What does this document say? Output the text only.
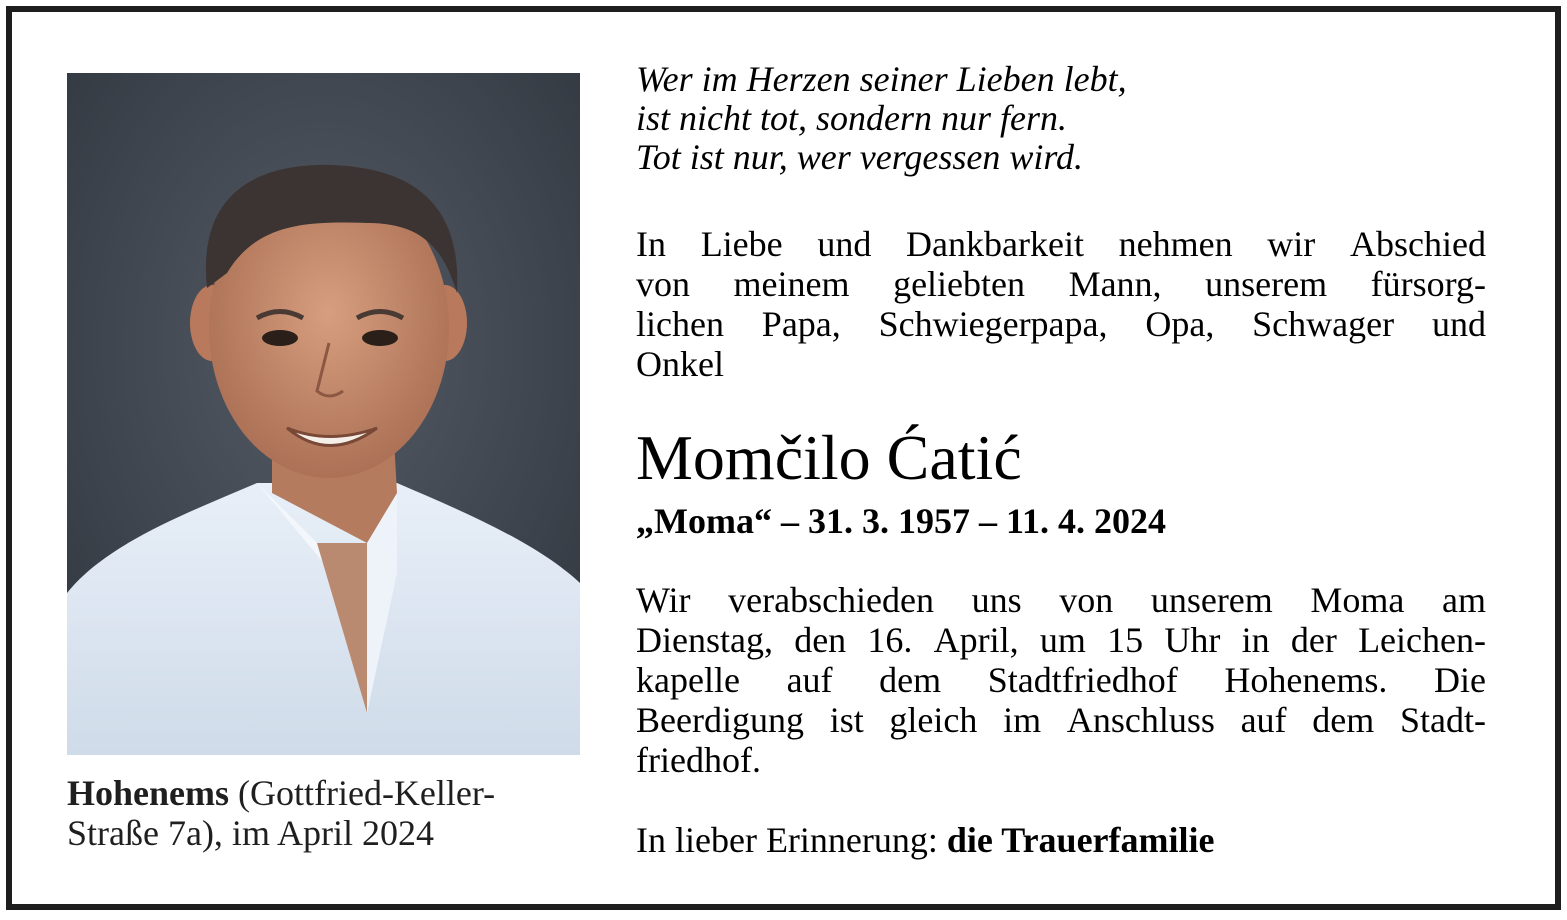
Hohenems (Gottfried-Keller-
Straße 7a), im April 2024
Wer im Herzen seiner Lieben lebt,
ist nicht tot, sondern nur fern.
Tot ist nur, wer vergessen wird.
In Liebe und Dankbarkeit nehmen wir Abschied
von meinem geliebten Mann, unserem fürsorg-
lichen Papa, Schwiegerpapa, Opa, Schwager und
Onkel
Momčilo Ćatić
„Moma“ – 31. 3. 1957 – 11. 4. 2024
Wir verabschieden uns von unserem Moma am
Dienstag, den 16. April, um 15 Uhr in der Leichen-
kapelle auf dem Stadtfriedhof Hohenems. Die
Beerdigung ist gleich im Anschluss auf dem Stadt-
friedhof.
In lieber Erinnerung: die Trauerfamilie
